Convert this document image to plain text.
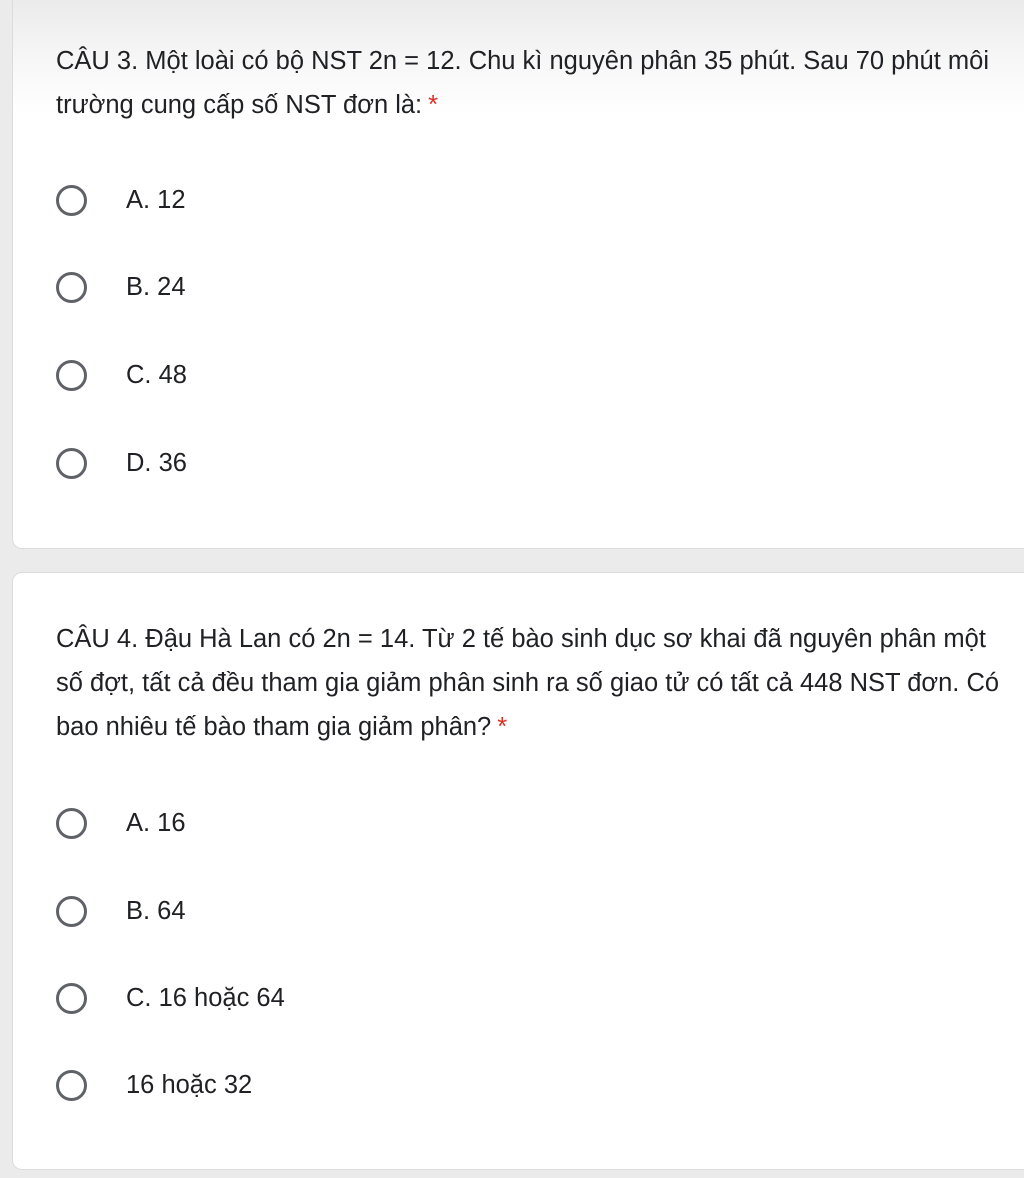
CÂU 3. Một loài có bộ NST 2n = 12. Chu kì nguyên phân 35 phút. Sau 70 phút môi trường cung cấp số NST đơn là: *

A. 12
B. 24
C. 48
D. 36

CÂU 4. Đậu Hà Lan có 2n = 14. Từ 2 tế bào sinh dục sơ khai đã nguyên phân một số đợt, tất cả đều tham gia giảm phân sinh ra số giao tử có tất cả 448 NST đơn. Có bao nhiêu tế bào tham gia giảm phân? *

A. 16
B. 64
C. 16 hoặc 64
16 hoặc 32
